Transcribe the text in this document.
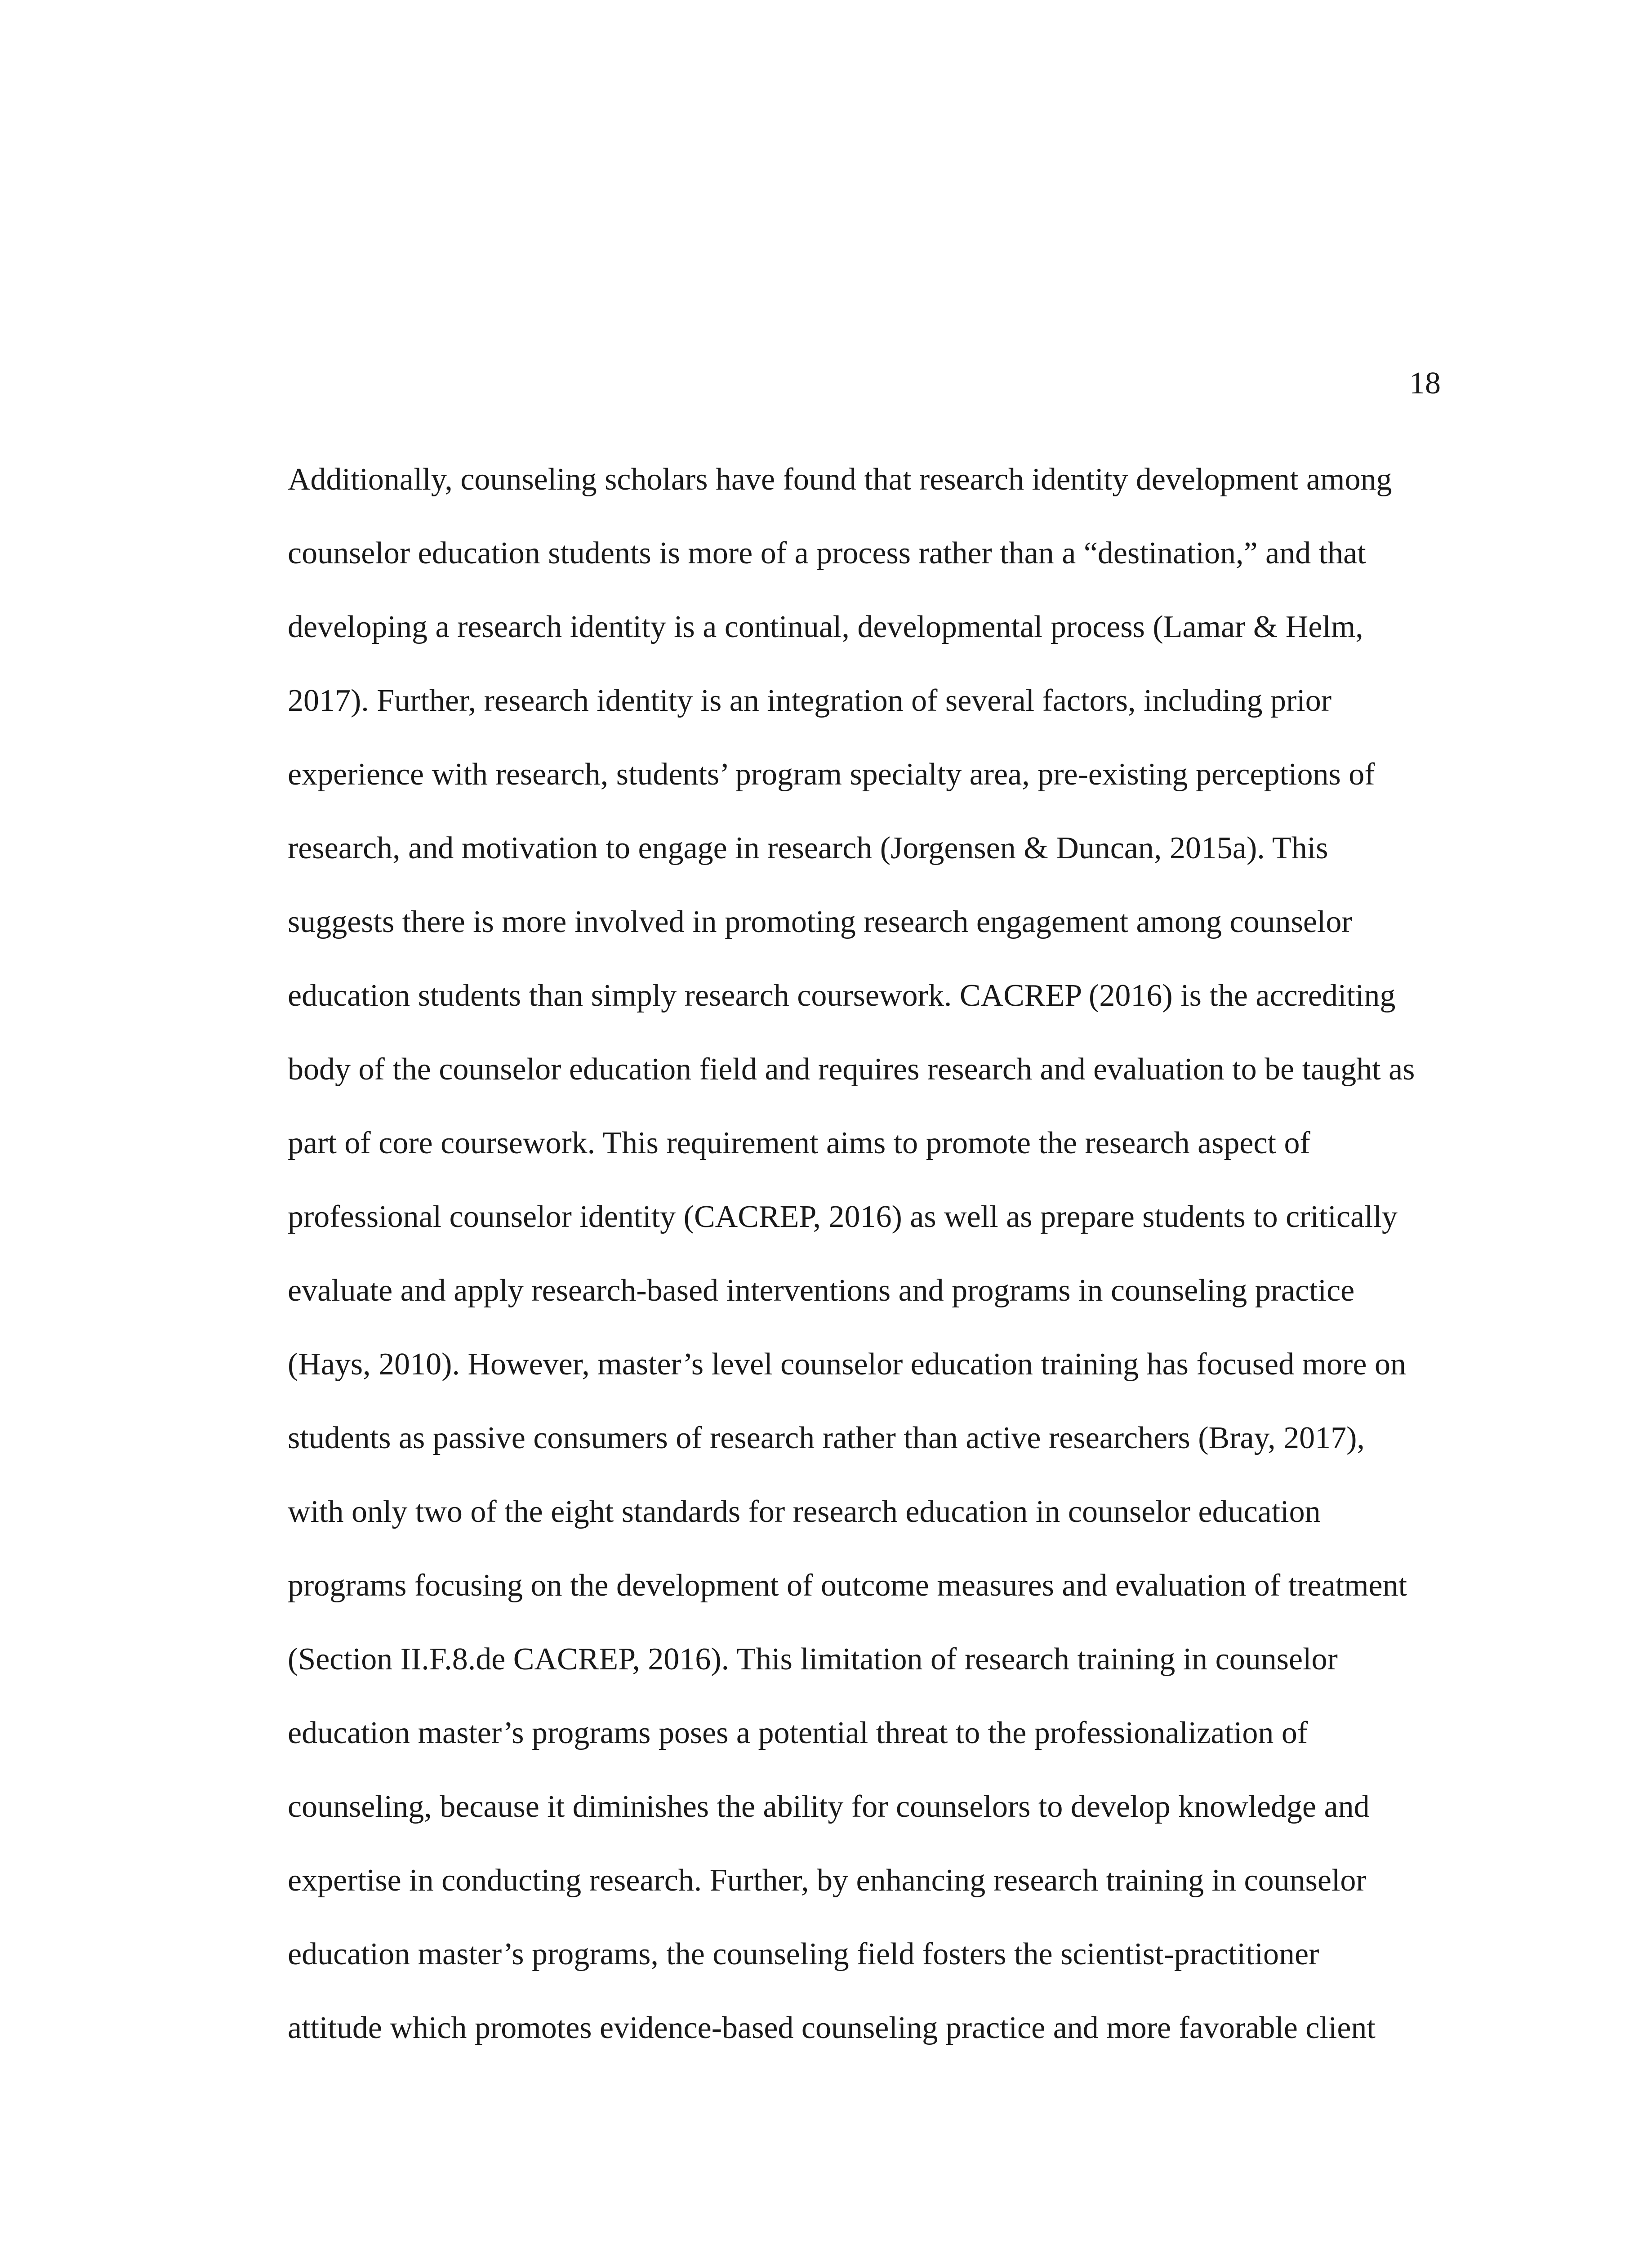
18
Additionally, counseling scholars have found that research identity development among
counselor education students is more of a process rather than a “destination,” and that
developing a research identity is a continual, developmental process (Lamar & Helm,
2017). Further, research identity is an integration of several factors, including prior
experience with research, students’ program specialty area, pre-existing perceptions of
research, and motivation to engage in research (Jorgensen & Duncan, 2015a). This
suggests there is more involved in promoting research engagement among counselor
education students than simply research coursework. CACREP (2016) is the accrediting
body of the counselor education field and requires research and evaluation to be taught as
part of core coursework. This requirement aims to promote the research aspect of
professional counselor identity (CACREP, 2016) as well as prepare students to critically
evaluate and apply research-based interventions and programs in counseling practice
(Hays, 2010). However, master’s level counselor education training has focused more on
students as passive consumers of research rather than active researchers (Bray, 2017),
with only two of the eight standards for research education in counselor education
programs focusing on the development of outcome measures and evaluation of treatment
(Section II.F.8.de CACREP, 2016). This limitation of research training in counselor
education master’s programs poses a potential threat to the professionalization of
counseling, because it diminishes the ability for counselors to develop knowledge and
expertise in conducting research. Further, by enhancing research training in counselor
education master’s programs, the counseling field fosters the scientist-practitioner
attitude which promotes evidence-based counseling practice and more favorable client
